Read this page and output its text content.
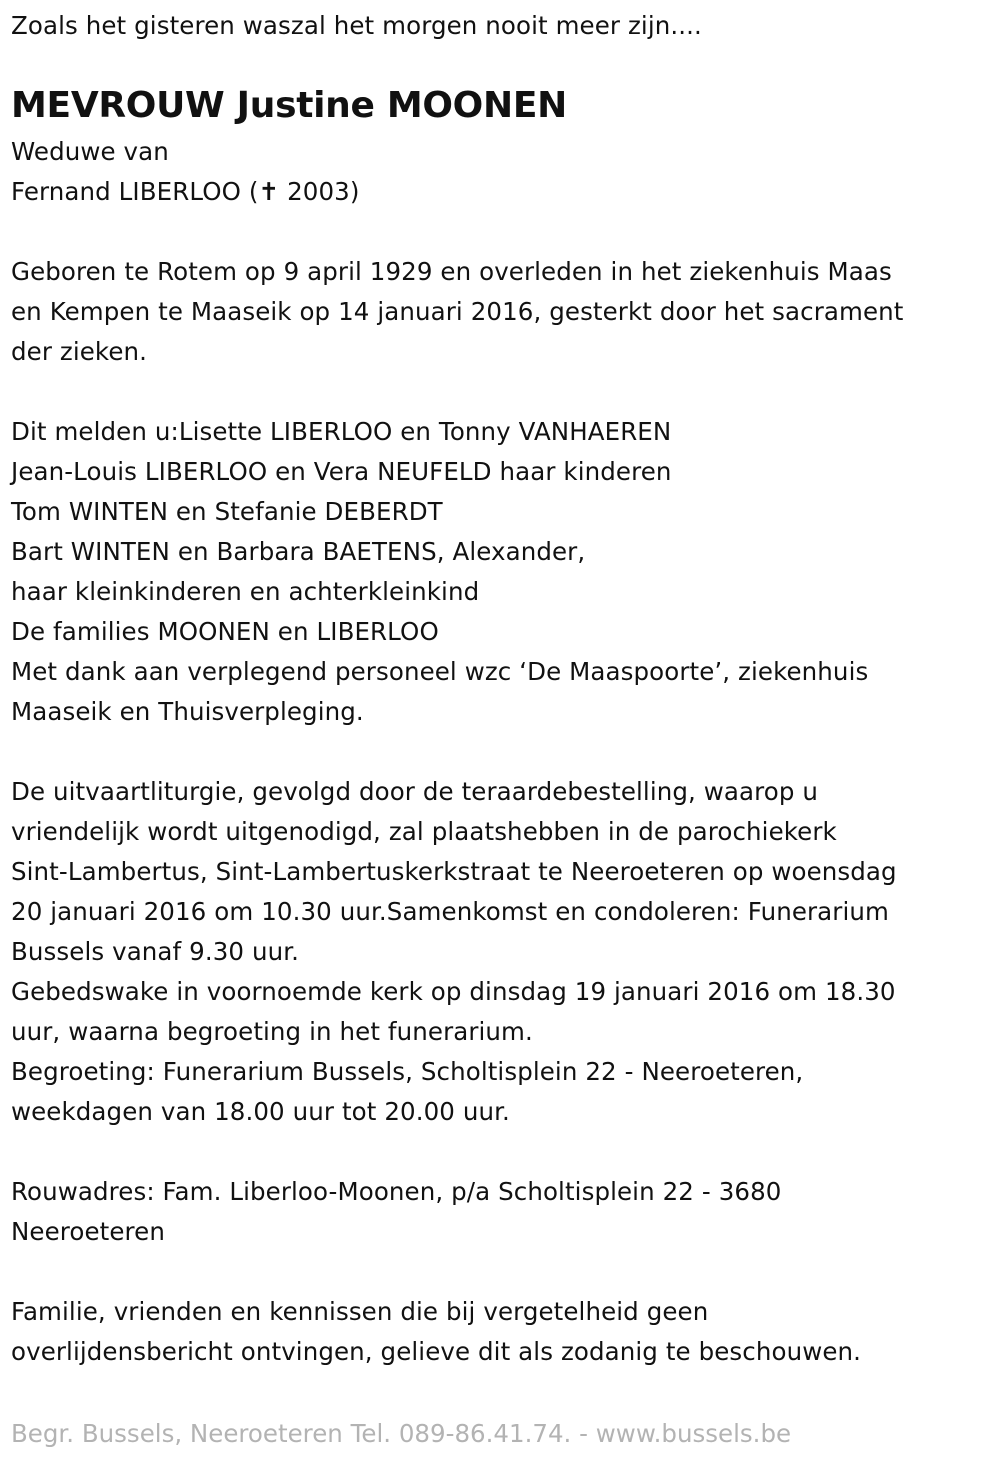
Zoals het gisteren waszal het morgen nooit meer zijn....
MEVROUW Justine MOONEN
Weduwe van
Fernand LIBERLOO (✝ 2003)
Geboren te Rotem op 9 april 1929 en overleden in het ziekenhuis Maas
en Kempen te Maaseik op 14 januari 2016, gesterkt door het sacrament
der zieken.
Dit melden u:Lisette LIBERLOO en Tonny VANHAEREN
Jean-Louis LIBERLOO en Vera NEUFELD haar kinderen
Tom WINTEN en Stefanie DEBERDT
Bart WINTEN en Barbara BAETENS, Alexander,
haar kleinkinderen en achterkleinkind
De families MOONEN en LIBERLOO
Met dank aan verplegend personeel wzc ‘De Maaspoorte’, ziekenhuis
Maaseik en Thuisverpleging.
De uitvaartliturgie, gevolgd door de teraardebestelling, waarop u
vriendelijk wordt uitgenodigd, zal plaatshebben in de parochiekerk
Sint-Lambertus, Sint-Lambertuskerkstraat te Neeroeteren op woensdag
20 januari 2016 om 10.30 uur.Samenkomst en condoleren: Funerarium
Bussels vanaf 9.30 uur.
Gebedswake in voornoemde kerk op dinsdag 19 januari 2016 om 18.30
uur, waarna begroeting in het funerarium.
Begroeting: Funerarium Bussels, Scholtisplein 22 - Neeroeteren,
weekdagen van 18.00 uur tot 20.00 uur.
Rouwadres: Fam. Liberloo-Moonen, p/a Scholtisplein 22 - 3680
Neeroeteren
Familie, vrienden en kennissen die bij vergetelheid geen
overlijdensbericht ontvingen, gelieve dit als zodanig te beschouwen.
Begr. Bussels, Neeroeteren Tel. 089-86.41.74. - www.bussels.be
